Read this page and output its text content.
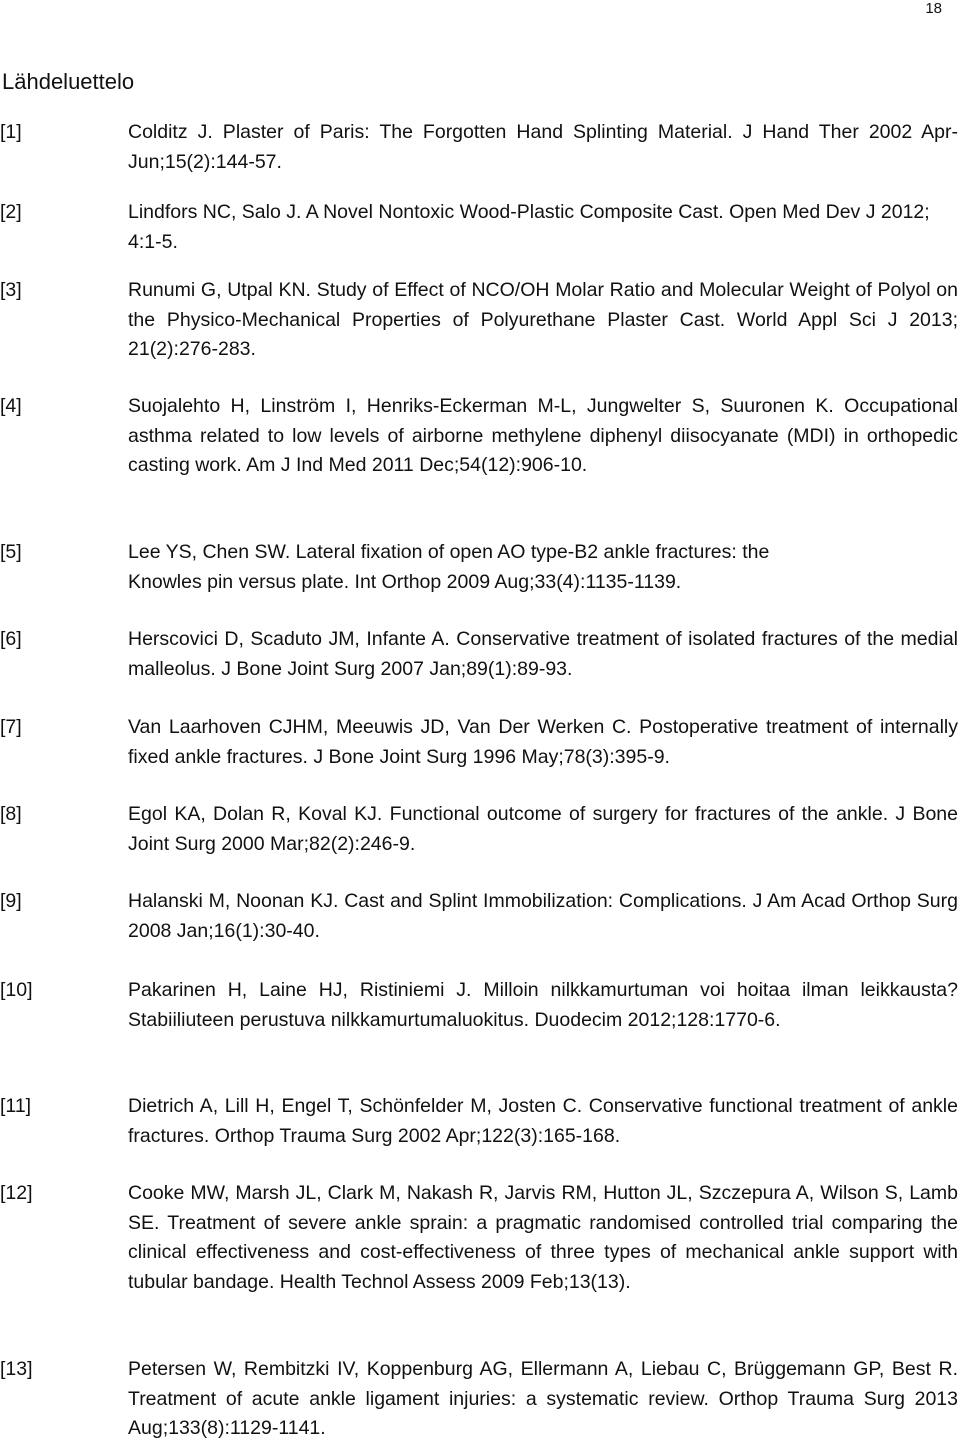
18
Lähdeluettelo
[1]	Colditz J. Plaster of Paris: The Forgotten Hand Splinting Material. J Hand Ther 2002 Apr-Jun;15(2):144-57.
[2]	Lindfors NC, Salo J. A Novel Nontoxic Wood-Plastic Composite Cast. Open Med Dev J 2012; 4:1-5.
[3]	Runumi G, Utpal KN. Study of Effect of NCO/OH Molar Ratio and Molecular Weight of Polyol on the Physico-Mechanical Properties of Polyurethane Plaster Cast. World Appl Sci J 2013; 21(2):276-283.
[4]	Suojalehto H, Linström I, Henriks-Eckerman M-L, Jungwelter S, Suuronen K. Occupational asthma related to low levels of airborne methylene diphenyl diisocyanate (MDI) in orthopedic casting work. Am J Ind Med 2011 Dec;54(12):906-10.
[5]	Lee YS, Chen SW. Lateral fixation of open AO type-B2 ankle fractures: the Knowles pin versus plate. Int Orthop 2009 Aug;33(4):1135-1139.
[6]	Herscovici D, Scaduto JM, Infante A. Conservative treatment of isolated fractures of the medial malleolus. J Bone Joint Surg 2007 Jan;89(1):89-93.
[7]	Van Laarhoven CJHM, Meeuwis JD, Van Der Werken C. Postoperative treatment of internally fixed ankle fractures. J Bone Joint Surg 1996 May;78(3):395-9.
[8]	Egol KA, Dolan R, Koval KJ. Functional outcome of surgery for fractures of the ankle. J Bone Joint Surg 2000 Mar;82(2):246-9.
[9]	Halanski M, Noonan KJ. Cast and Splint Immobilization: Complications. J Am Acad Orthop Surg 2008 Jan;16(1):30-40.
[10]	Pakarinen H, Laine HJ, Ristiniemi J. Milloin nilkkamurtuman voi hoitaa ilman leikkausta? Stabiiliuteen perustuva nilkkamurtumaluokitus. Duodecim 2012;128:1770-6.
[11]	Dietrich A, Lill H, Engel T, Schönfelder M, Josten C. Conservative functional treatment of ankle fractures. Orthop Trauma Surg 2002 Apr;122(3):165-168.
[12]	Cooke MW, Marsh JL, Clark M, Nakash R, Jarvis RM, Hutton JL, Szczepura A, Wilson S, Lamb SE. Treatment of severe ankle sprain: a pragmatic randomised controlled trial comparing the clinical effectiveness and cost-effectiveness of three types of mechanical ankle support with tubular bandage. Health Technol Assess 2009 Feb;13(13).
[13]	Petersen W, Rembitzki IV, Koppenburg AG, Ellermann A, Liebau C, Brüggemann GP, Best R. Treatment of acute ankle ligament injuries: a systematic review. Orthop Trauma Surg 2013 Aug;133(8):1129-1141.
